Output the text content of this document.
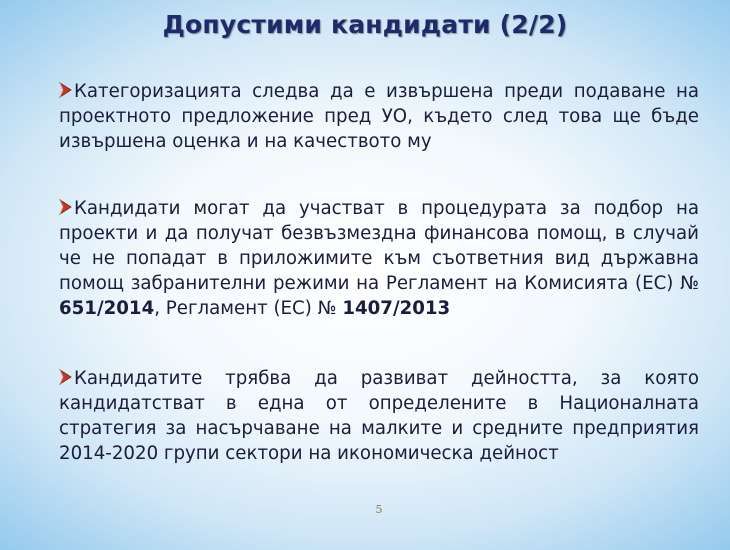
Допустими кандидати (2/2)
Категоризацията следва да е извършена преди подаване на проектното предложение пред УО, където след това ще бъде извършена оценка и на качеството му
Кандидати могат да участват в процедурата за подбор на проекти и да получат безвъзмездна финансова помощ, в случай че не попадат в приложимите към съответния вид държавна помощ забранителни режими на Регламент на Комисията (ЕС) № 651/2014, Регламент (ЕС) № 1407/2013
Кандидатите трябва да развиват дейността, за която кандидатстват в една от определените в Националната стратегия за насърчаване на малките и средните предприятия 2014-2020 групи сектори на икономическа дейност
5
